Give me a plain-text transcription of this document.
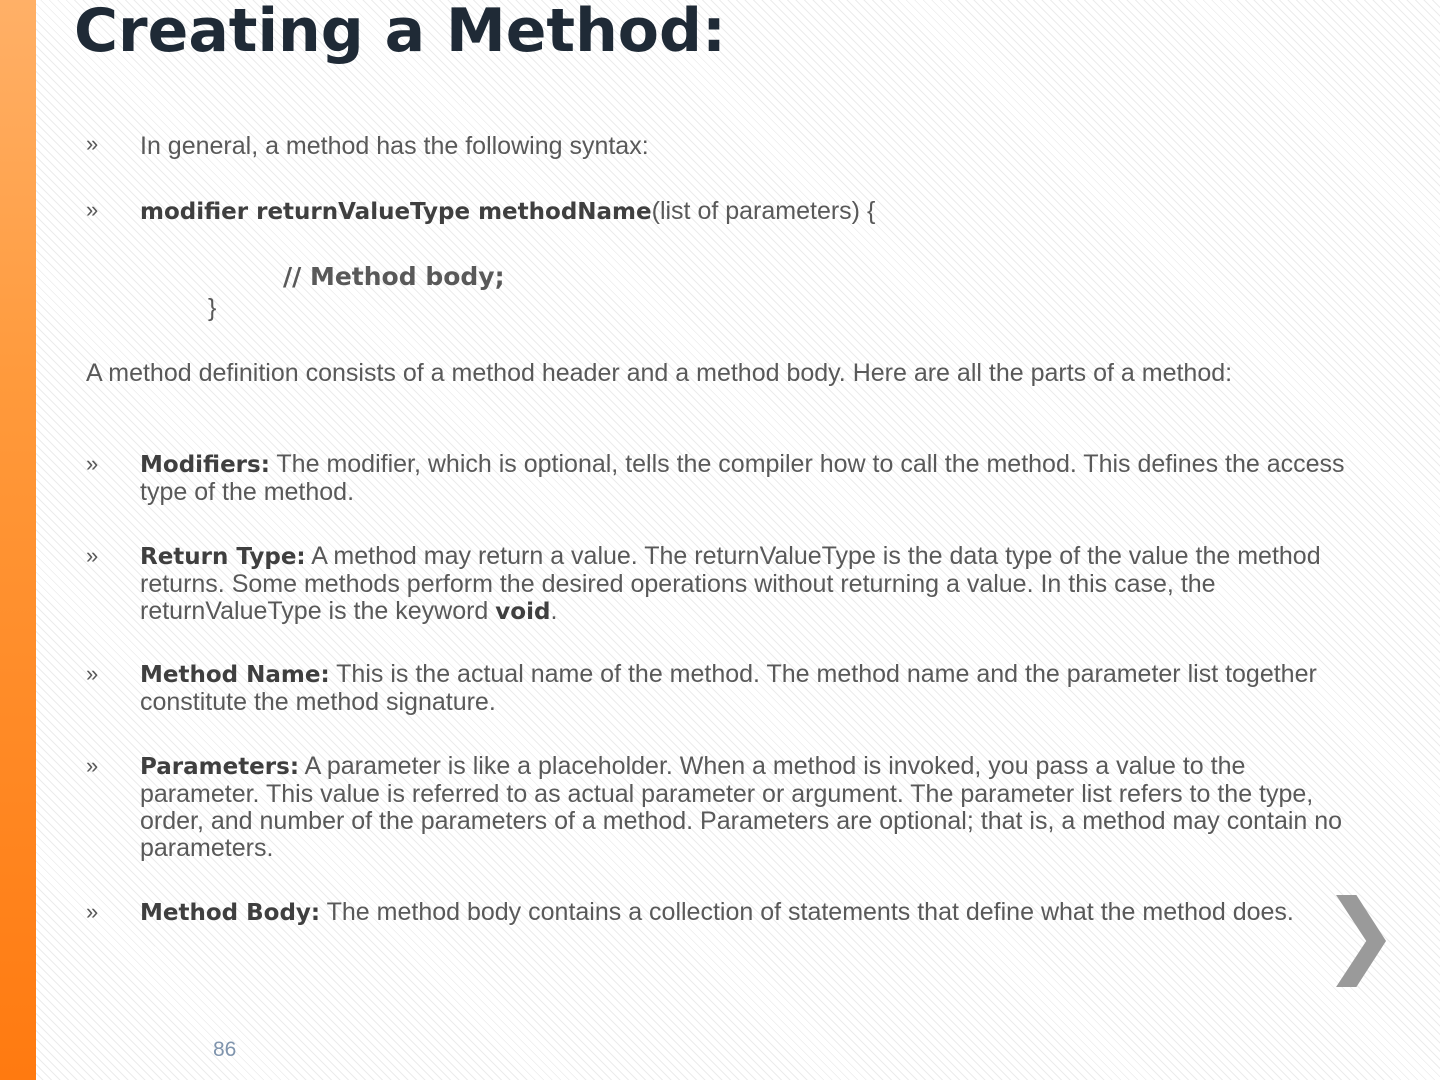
Creating a Method:
» In general, a method has the following syntax:
» modifier returnValueType methodName(list of parameters) {
// Method body;
}
A method definition consists of a method header and a method body. Here are all the parts of a method:
» Modifiers: The modifier, which is optional, tells the compiler how to call the method. This defines the access type of the method.
» Return Type: A method may return a value. The returnValueType is the data type of the value the method returns. Some methods perform the desired operations without returning a value. In this case, the returnValueType is the keyword void.
» Method Name: This is the actual name of the method. The method name and the parameter list together constitute the method signature.
» Parameters: A parameter is like a placeholder. When a method is invoked, you pass a value to the parameter. This value is referred to as actual parameter or argument. The parameter list refers to the type, order, and number of the parameters of a method. Parameters are optional; that is, a method may contain no parameters.
» Method Body: The method body contains a collection of statements that define what the method does. ❯
86
